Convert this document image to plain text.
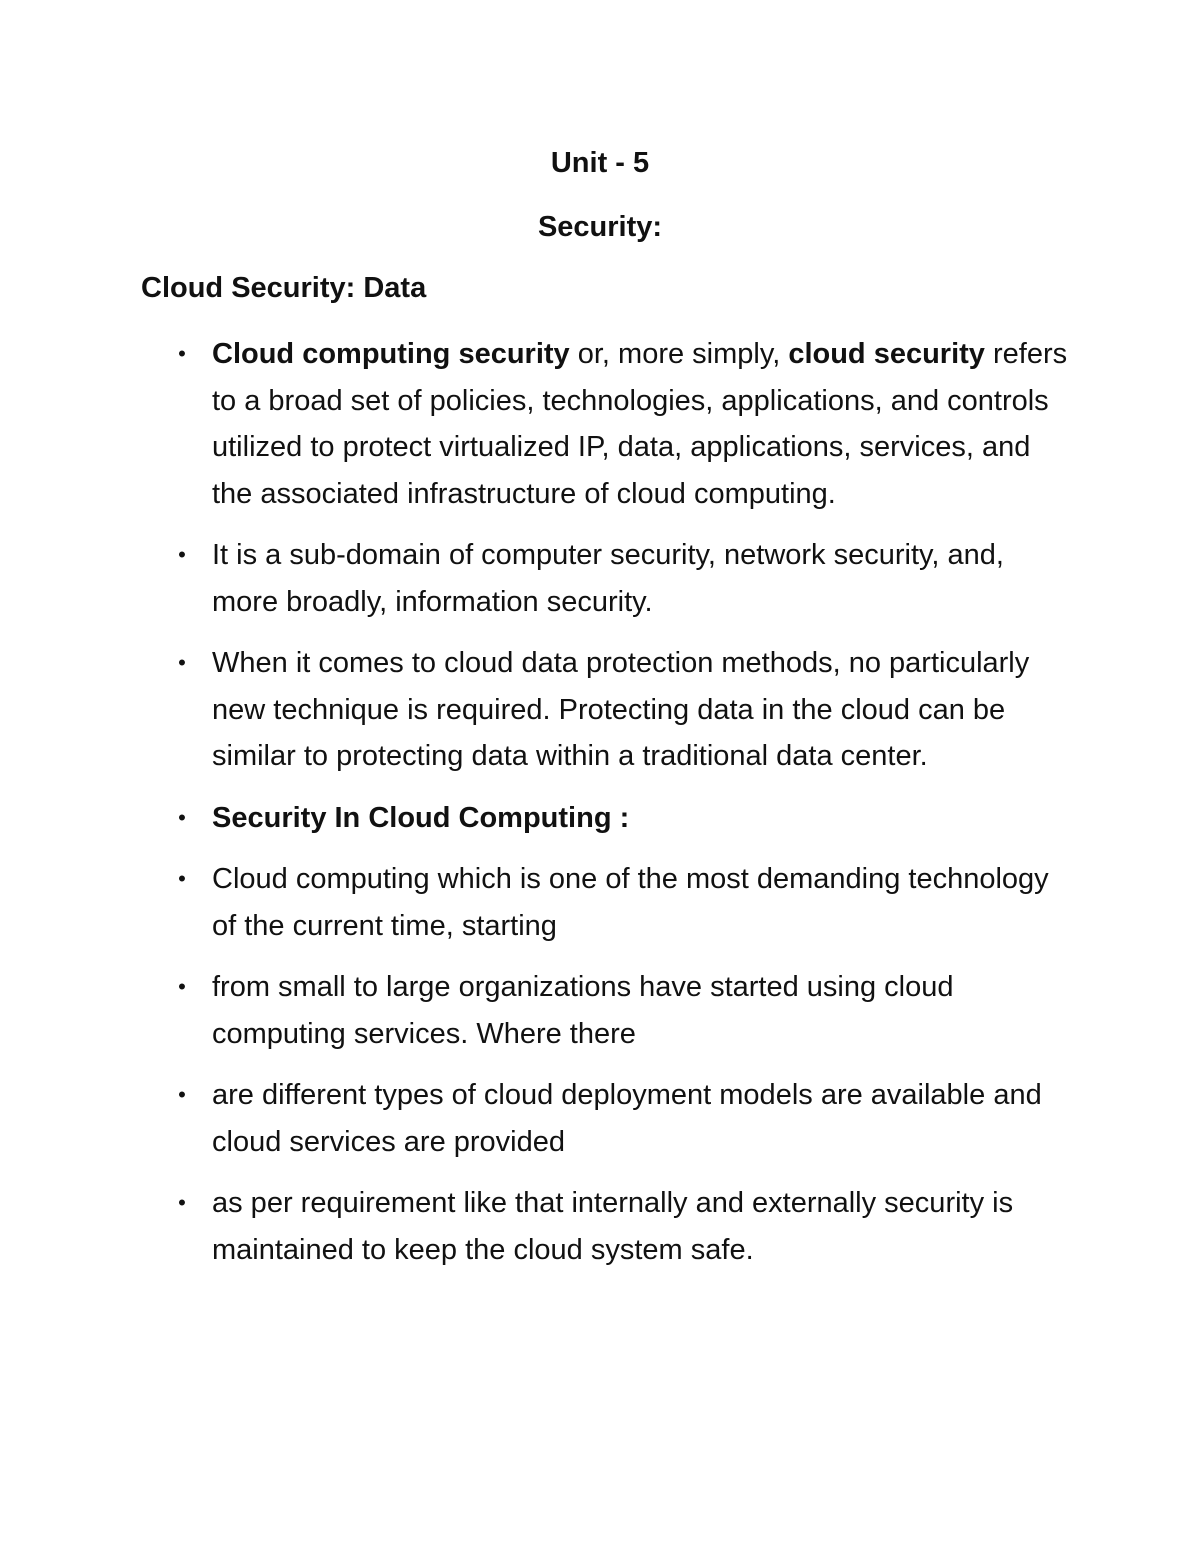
Unit - 5
Security:
Cloud Security: Data
• Cloud computing security or, more simply, cloud security refers to a broad set of policies, technologies, applications, and controls utilized to protect virtualized IP, data, applications, services, and the associated infrastructure of cloud computing.
• It is a sub-domain of computer security, network security, and, more broadly, information security.
• When it comes to cloud data protection methods, no particularly new technique is required. Protecting data in the cloud can be similar to protecting data within a traditional data center.
• Security In Cloud Computing :
• Cloud computing which is one of the most demanding technology of the current time, starting
• from small to large organizations have started using cloud computing services. Where there
• are different types of cloud deployment models are available and cloud services are provided
• as per requirement like that internally and externally security is maintained to keep the cloud system safe.
